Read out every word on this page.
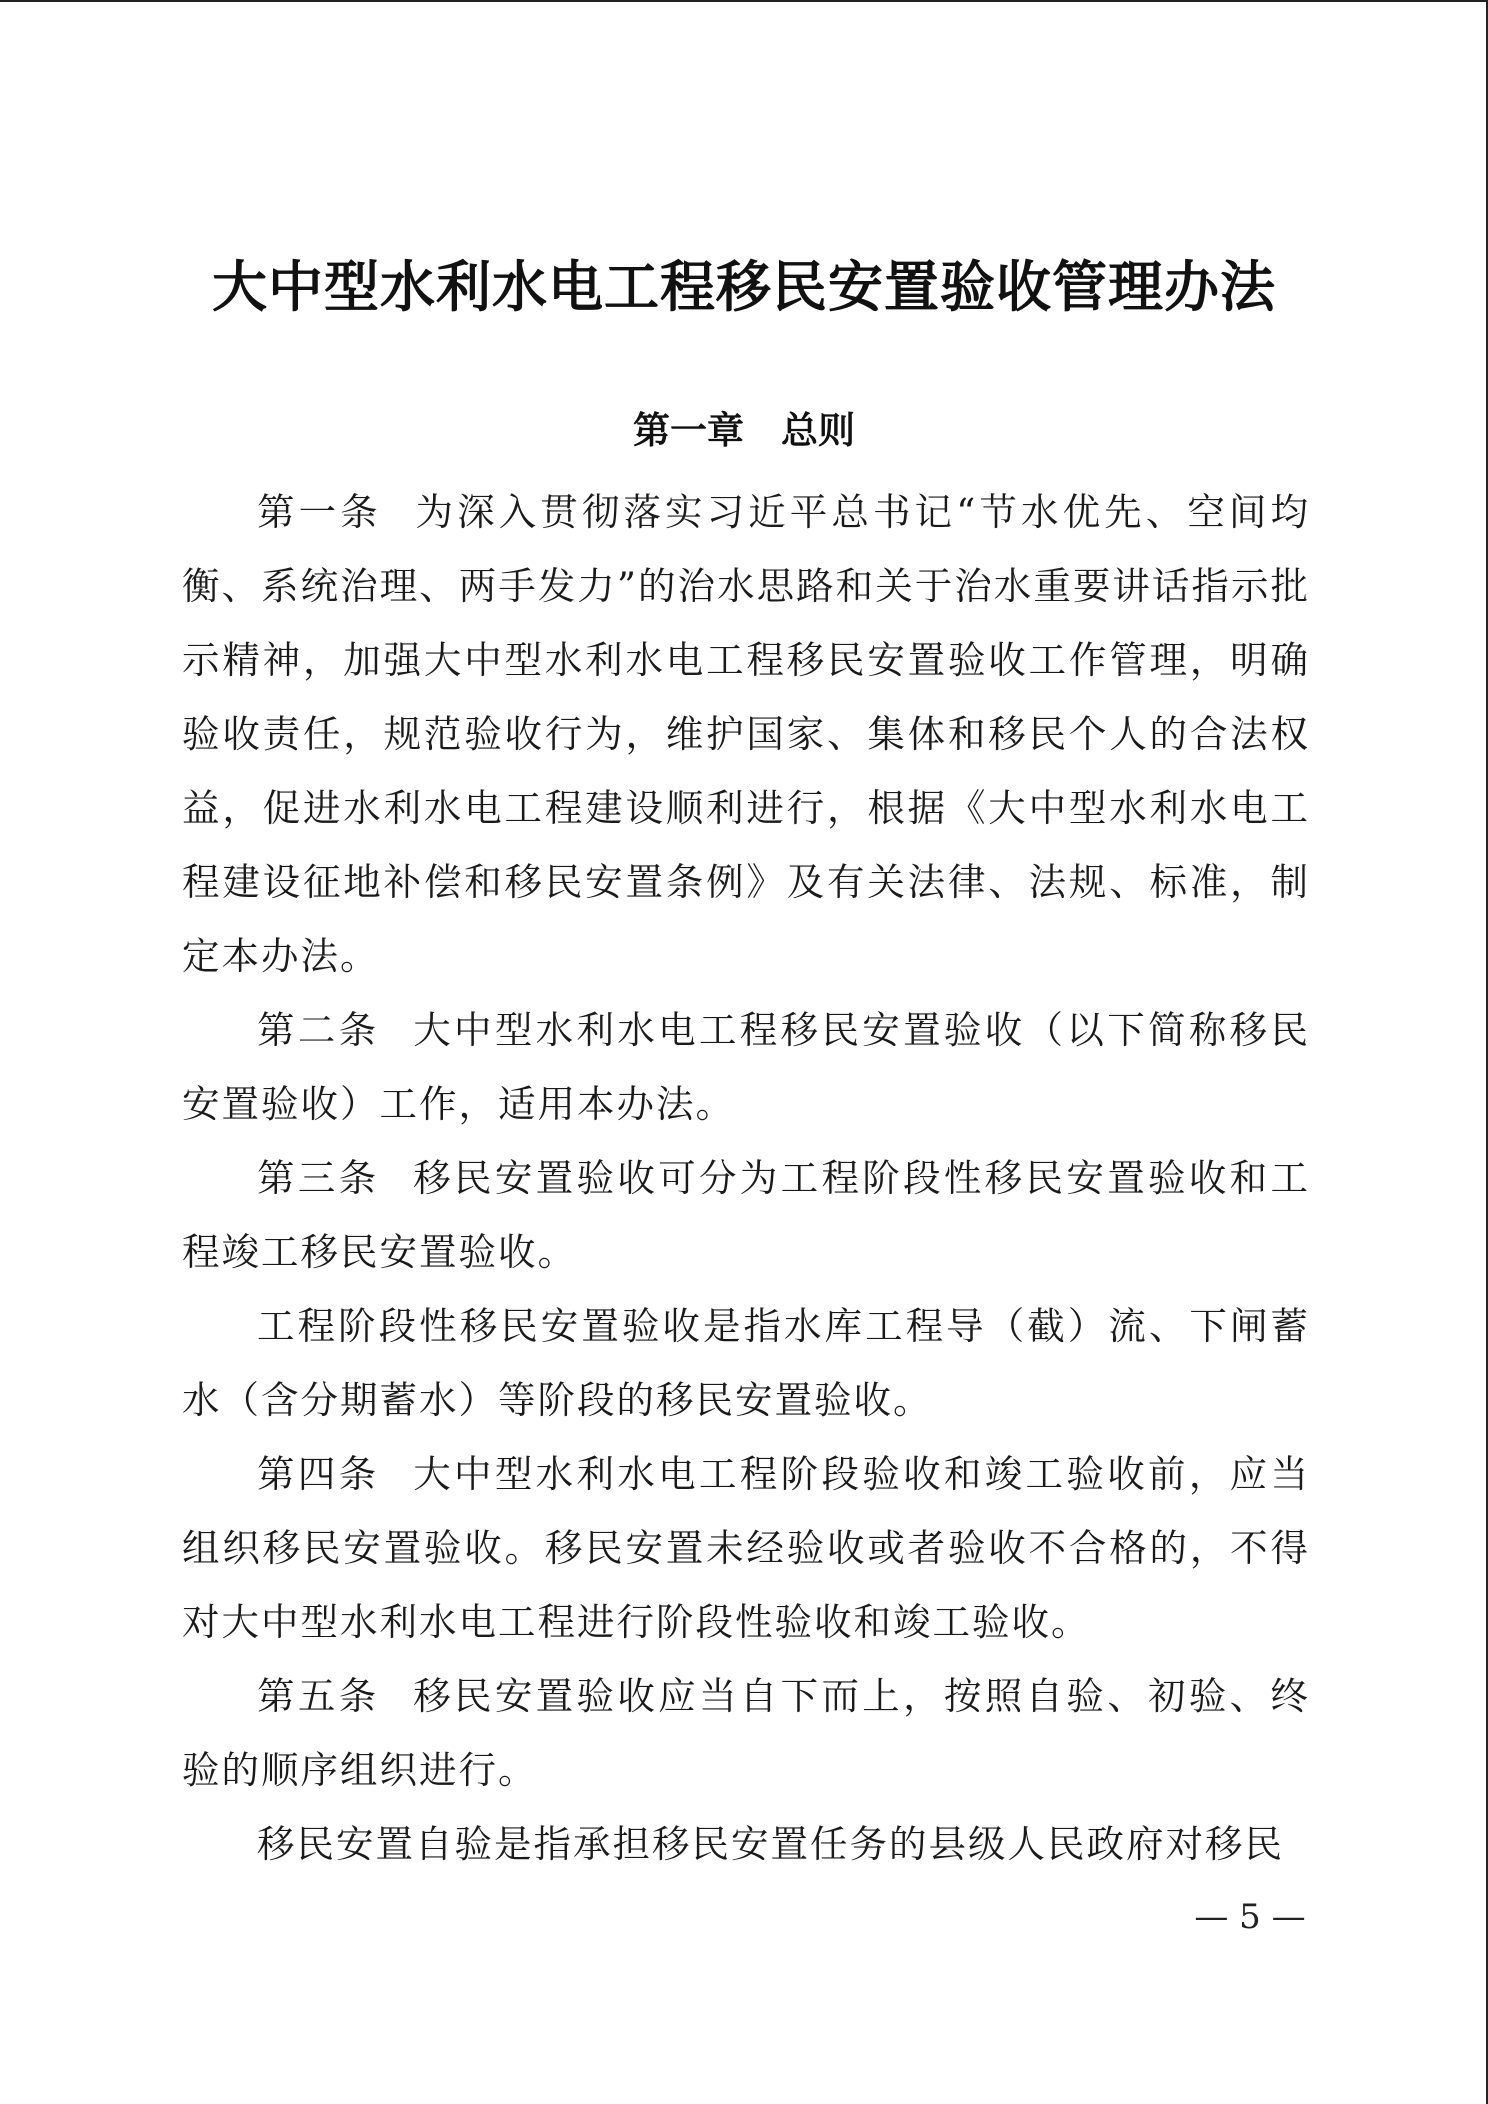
大中型水利水电工程移民安置验收管理办法
第一章　总则

第一条 为深入贯彻落实习近平总书记“节水优先、空间均衡、系统治理、两手发力”的治水思路和关于治水重要讲话指示批示精神，加强大中型水利水电工程移民安置验收工作管理，明确验收责任，规范验收行为，维护国家、集体和移民个人的合法权益，促进水利水电工程建设顺利进行，根据《大中型水利水电工程建设征地补偿和移民安置条例》及有关法律、法规、标准，制定本办法。

第二条 大中型水利水电工程移民安置验收（以下简称移民安置验收）工作，适用本办法。

第三条 移民安置验收可分为工程阶段性移民安置验收和工程竣工移民安置验收。

工程阶段性移民安置验收是指水库工程导（截）流、下闸蓄水（含分期蓄水）等阶段的移民安置验收。

第四条 大中型水利水电工程阶段验收和竣工验收前，应当组织移民安置验收。移民安置未经验收或者验收不合格的，不得对大中型水利水电工程进行阶段性验收和竣工验收。

第五条 移民安置验收应当自下而上，按照自验、初验、终验的顺序组织进行。

移民安置自验是指承担移民安置任务的县级人民政府对移民

— 5 —
